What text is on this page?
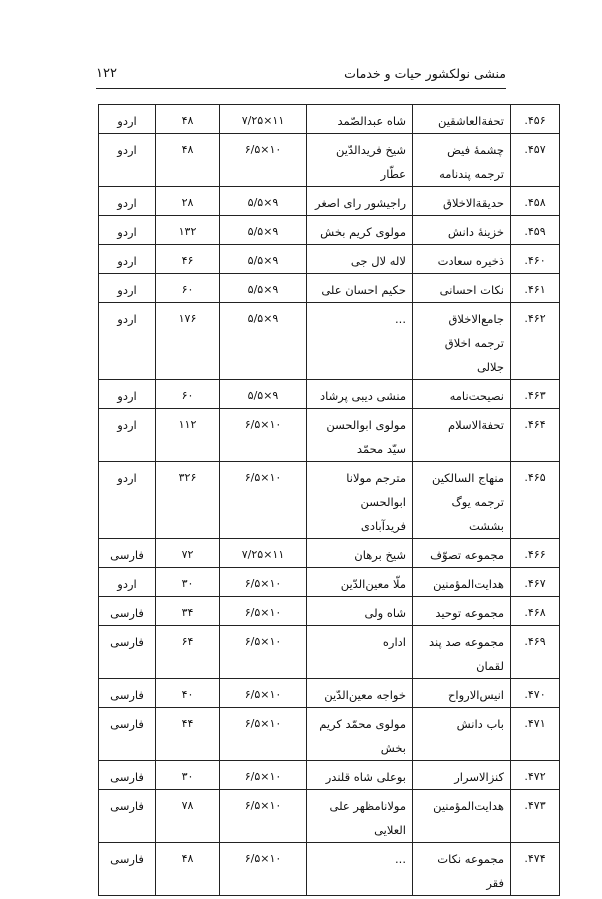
منشی نولکشور حیات و خدمات
۱۲۲
۴۵۶.	تحفة‌العاشقین	شاه عبدالصّمد	۱۱×۷/۲۵	۴۸	اردو
۴۵۷.	چشمهٔ فیض ترجمه پندنامه	شیخ فریدالدّین عطّار	۱۰×۶/۵	۴۸	اردو
۴۵۸.	حدیقة‌الاخلاق	راجیشور رای اصغر	۹×۵/۵	۲۸	اردو
۴۵۹.	خزینهٔ دانش	مولوی کریم بخش	۹×۵/۵	۱۳۲	اردو
۴۶۰.	ذخیره سعادت	لاله لال جی	۹×۵/۵	۴۶	اردو
۴۶۱.	نکات احسانی	حکیم احسان علی	۹×۵/۵	۶۰	اردو
۴۶۲.	جامع‌الاخلاق ترجمه اخلاق جلالی	...	۹×۵/۵	۱۷۶	اردو
۴۶۳.	نصیحت‌نامه	منشی دیبی پرشاد	۹×۵/۵	۶۰	اردو
۴۶۴.	تحفة‌الاسلام	مولوی ابوالحسن سیّد محمّد	۱۰×۶/۵	۱۱۲	اردو
۴۶۵.	منهاج السالکین ترجمه یوگ بششت	مترجم مولانا ابوالحسن فریدآبادی	۱۰×۶/۵	۳۲۶	اردو
۴۶۶.	مجموعه تصوّف	شیخ برهان	۱۱×۷/۲۵	۷۲	فارسی
۴۶۷.	هدایت‌المؤمنین	ملّا معین‌الدّین	۱۰×۶/۵	۳۰	اردو
۴۶۸.	مجموعه توحید	شاه ولی	۱۰×۶/۵	۳۴	فارسی
۴۶۹.	مجموعه صد پند لقمان	اداره	۱۰×۶/۵	۶۴	فارسی
۴۷۰.	انیس‌الارواح	خواجه معین‌الدّین	۱۰×۶/۵	۴۰	فارسی
۴۷۱.	باب دانش	مولوی محمّد کریم بخش	۱۰×۶/۵	۴۴	فارسی
۴۷۲.	کنزالاسرار	بوعلی شاه قلندر	۱۰×۶/۵	۳۰	فارسی
۴۷۳.	هدایت‌المؤمنین	مولانامظهر علی العلایی	۱۰×۶/۵	۷۸	فارسی
۴۷۴.	مجموعه نکات فقر	...	۱۰×۶/۵	۴۸	فارسی
